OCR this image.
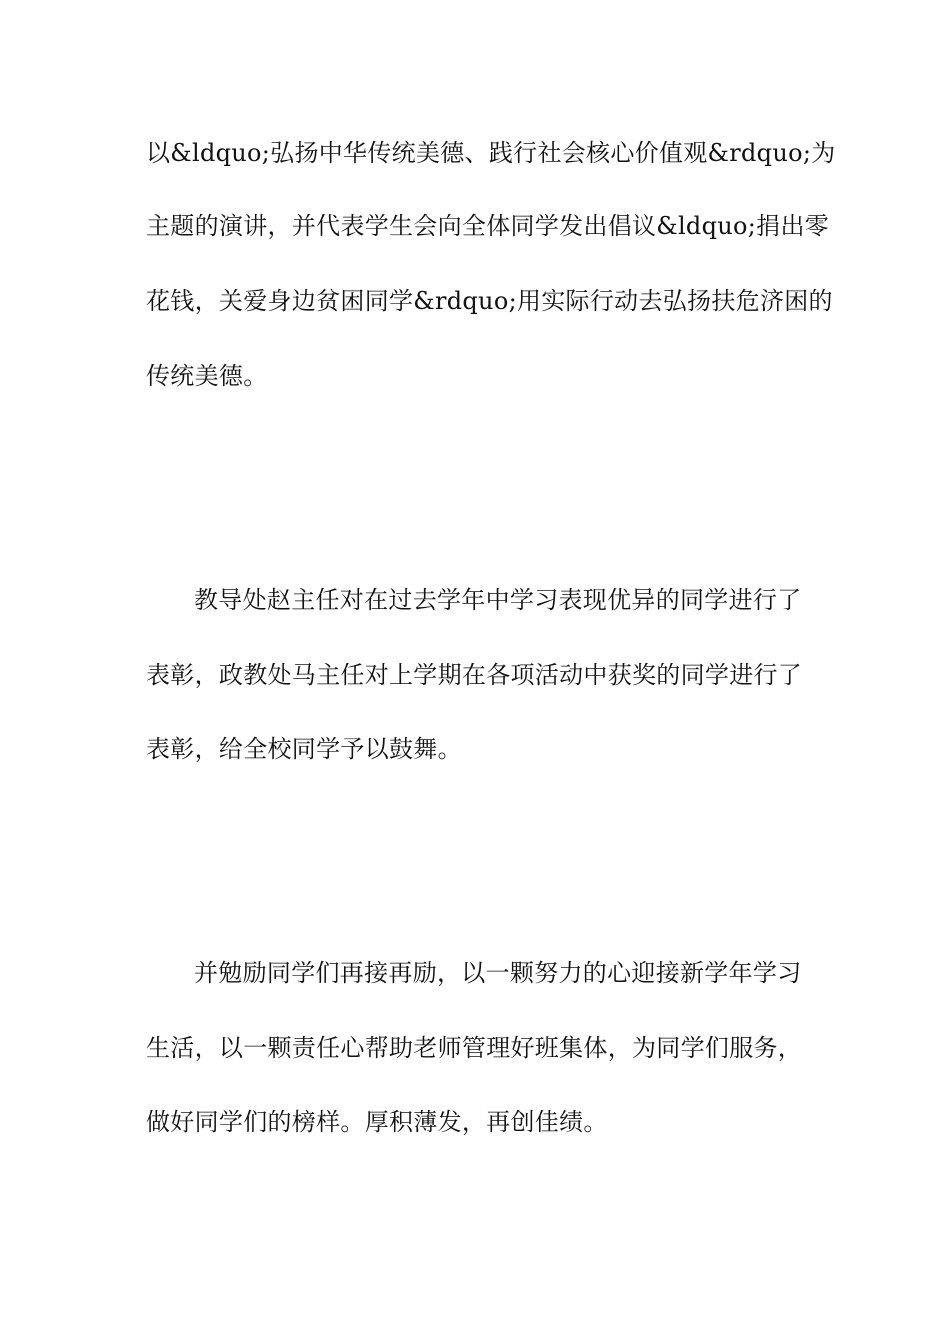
以&ldquo;弘扬中华传统美德、践行社会核心价值观&rdquo;为
主题的演讲，并代表学生会向全体同学发出倡议&ldquo;捐出零
花钱，关爱身边贫困同学&rdquo;用实际行动去弘扬扶危济困的
传统美德。
教导处赵主任对在过去学年中学习表现优异的同学进行了
表彰，政教处马主任对上学期在各项活动中获奖的同学进行了
表彰，给全校同学予以鼓舞。
并勉励同学们再接再励，以一颗努力的心迎接新学年学习
生活，以一颗责任心帮助老师管理好班集体，为同学们服务，
做好同学们的榜样。厚积薄发，再创佳绩。
